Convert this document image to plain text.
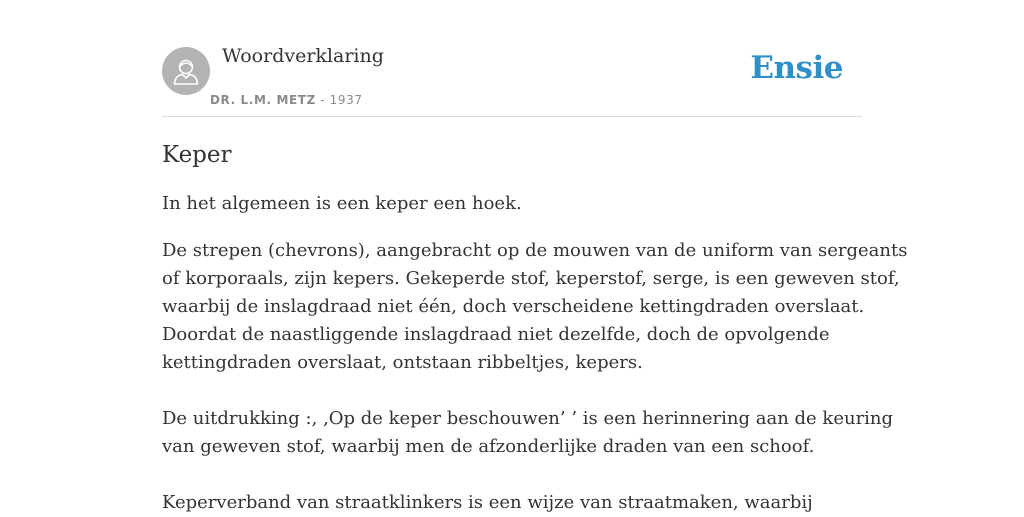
Woordverklaring
DR. L.M. METZ - 1937
Ensie
Keper

In het algemeen is een keper een hoek.

De strepen (chevrons), aangebracht op de mouwen van de uniform van sergeants

of korporaals, zijn kepers. Gekeperde stof, keperstof, serge, is een geweven stof,

waarbij de inslagdraad niet één, doch verscheidene kettingdraden overslaat.

Doordat de naastliggende inslagdraad niet dezelfde, doch de opvolgende

kettingdraden overslaat, ontstaan ribbeltjes, kepers.

De uitdrukking :, ‚Op de keper beschouwen’ ’ is een herinnering aan de keuring

van geweven stof, waarbij men de afzonderlijke draden van een schoof.

Keperverband van straatklinkers is een wijze van straatmaken, waarbij
